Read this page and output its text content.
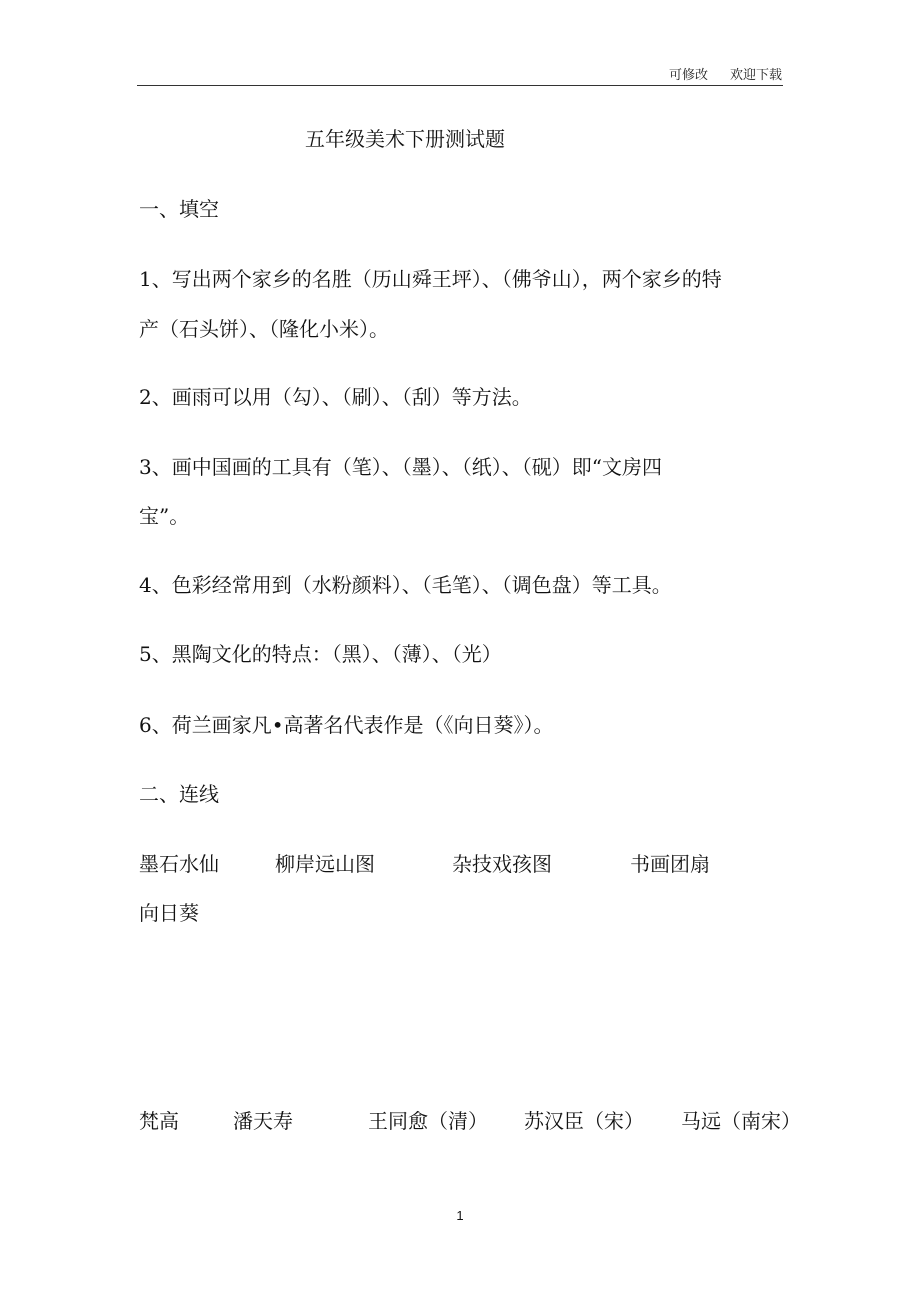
可修改 欢迎下载
五年级美术下册测试题
一、填空
1、写出两个家乡的名胜（历山舜王坪）、（佛爷山），两个家乡的特
产（石头饼）、（隆化小米）。
2、画雨可以用（勾）、（刷）、（刮）等方法。
3、画中国画的工具有（笔）、（墨）、（纸）、（砚）即“文房四
宝”。
4、色彩经常用到（水粉颜料）、（毛笔）、（调色盘）等工具。
5、黑陶文化的特点：（黑）、（薄）、（光）
6、荷兰画家凡•高著名代表作是（《向日葵》）。
二、连线
墨石水仙	柳岸远山图	杂技戏孩图	书画团扇
向日葵
梵高	潘天寿	王同愈（清） 苏汉臣（宋） 马远（南宋）
1
